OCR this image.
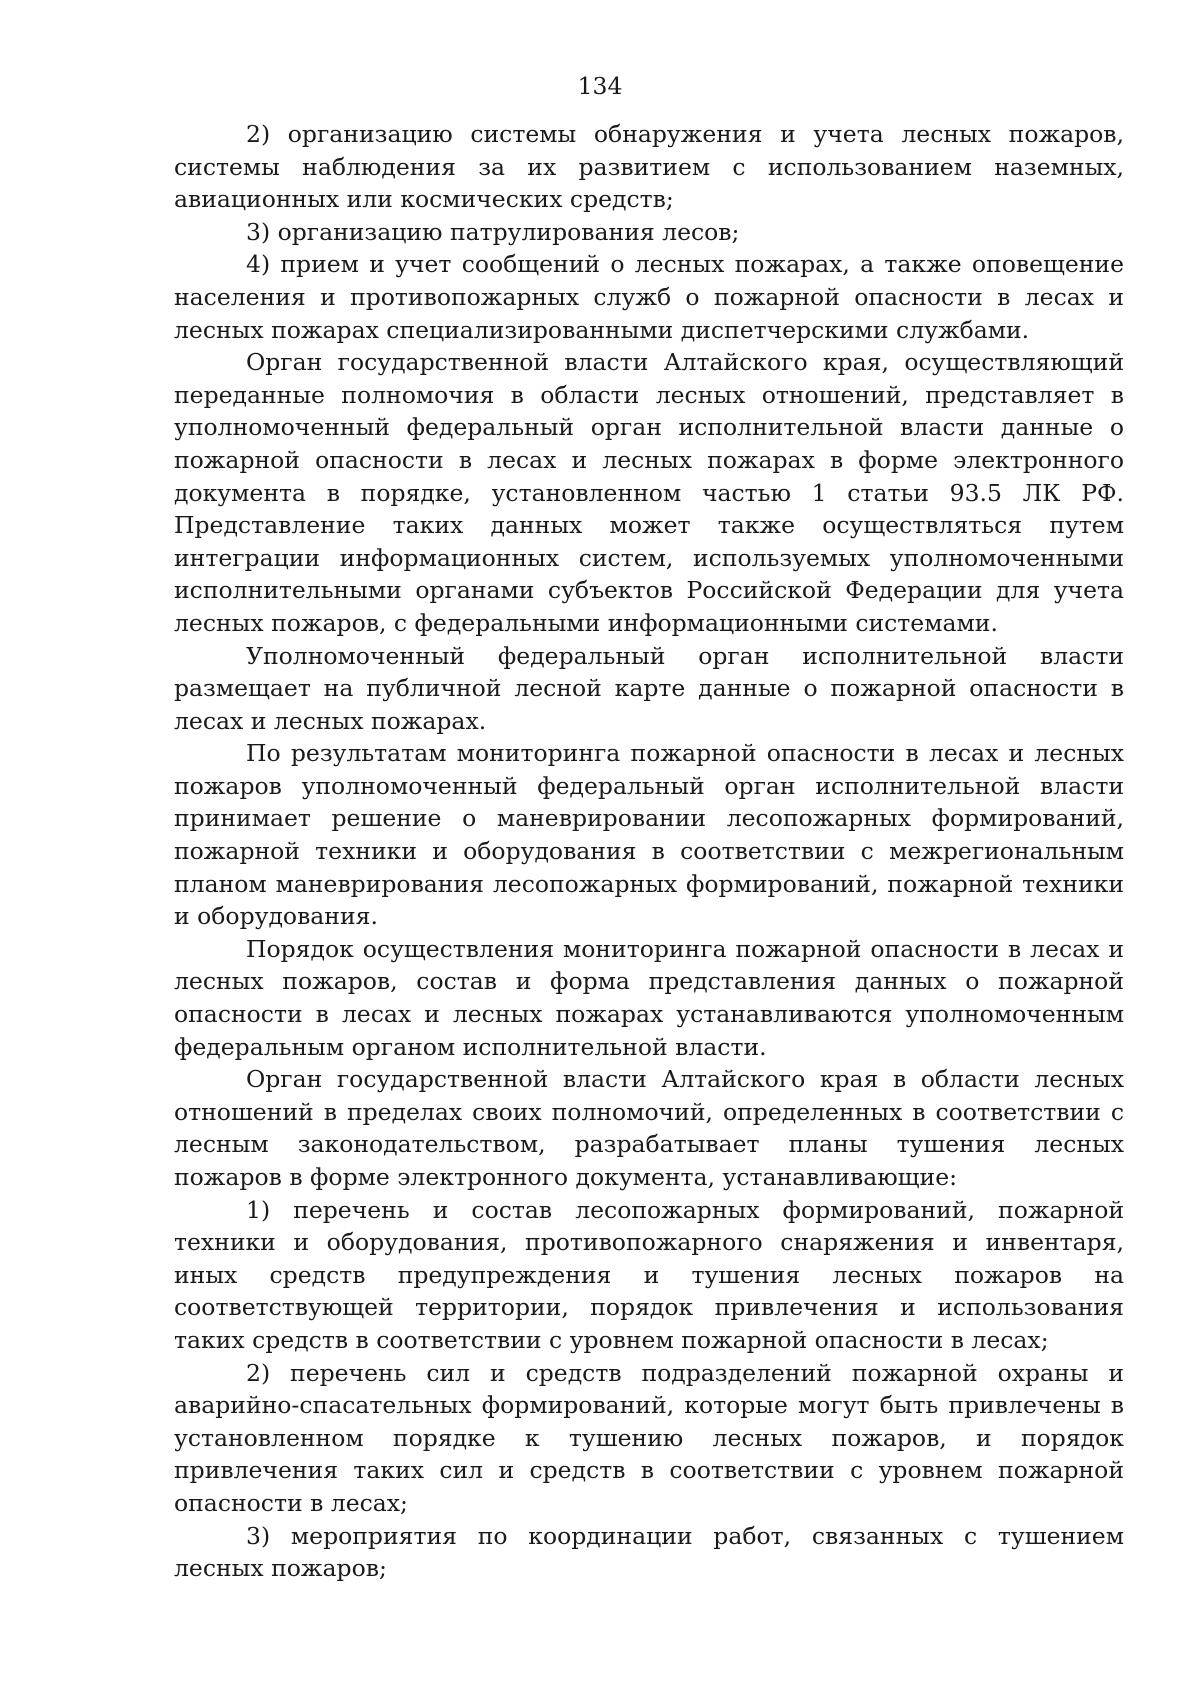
134

2) организацию системы обнаружения и учета лесных пожаров, системы наблюдения за их развитием с использованием наземных, авиационных или космических средств;

3) организацию патрулирования лесов;

4) прием и учет сообщений о лесных пожарах, а также оповещение населения и противопожарных служб о пожарной опасности в лесах и лесных пожарах специализированными диспетчерскими службами.

Орган государственной власти Алтайского края, осуществляющий переданные полномочия в области лесных отношений, представляет в уполномоченный федеральный орган исполнительной власти данные о пожарной опасности в лесах и лесных пожарах в форме электронного документа в порядке, установленном частью 1 статьи 93.5 ЛК РФ. Представление таких данных может также осуществляться путем интеграции информационных систем, используемых уполномоченными исполнительными органами субъектов Российской Федерации для учета лесных пожаров, с федеральными информационными системами.

Уполномоченный федеральный орган исполнительной власти размещает на публичной лесной карте данные о пожарной опасности в лесах и лесных пожарах.

По результатам мониторинга пожарной опасности в лесах и лесных пожаров уполномоченный федеральный орган исполнительной власти принимает решение о маневрировании лесопожарных формирований, пожарной техники и оборудования в соответствии с межрегиональным планом маневрирования лесопожарных формирований, пожарной техники и оборудования.

Порядок осуществления мониторинга пожарной опасности в лесах и лесных пожаров, состав и форма представления данных о пожарной опасности в лесах и лесных пожарах устанавливаются уполномоченным федеральным органом исполнительной власти.

Орган государственной власти Алтайского края в области лесных отношений в пределах своих полномочий, определенных в соответствии с лесным законодательством, разрабатывает планы тушения лесных пожаров в форме электронного документа, устанавливающие:

1) перечень и состав лесопожарных формирований, пожарной техники и оборудования, противопожарного снаряжения и инвентаря, иных средств предупреждения и тушения лесных пожаров на соответствующей территории, порядок привлечения и использования таких средств в соответствии с уровнем пожарной опасности в лесах;

2) перечень сил и средств подразделений пожарной охраны и аварийно-спасательных формирований, которые могут быть привлечены в установленном порядке к тушению лесных пожаров, и порядок привлечения таких сил и средств в соответствии с уровнем пожарной опасности в лесах;

3) мероприятия по координации работ, связанных с тушением лесных пожаров;
